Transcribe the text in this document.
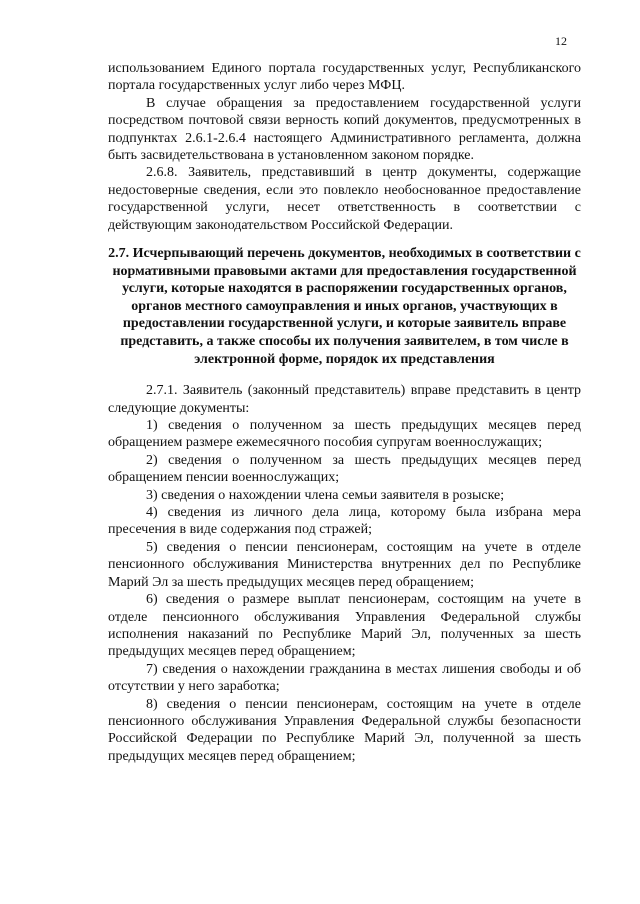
12

использованием Единого портала государственных услуг, Республиканского портала государственных услуг либо через МФЦ.

В случае обращения за предоставлением государственной услуги посредством почтовой связи верность копий документов, предусмотренных в подпунктах 2.6.1-2.6.4 настоящего Административного регламента, должна быть засвидетельствована в установленном законом порядке.

2.6.8. Заявитель, представивший в центр документы, содержащие недостоверные сведения, если это повлекло необоснованное предоставление государственной услуги, несет ответственность в соответствии с действующим законодательством Российской Федерации.

2.7. Исчерпывающий перечень документов, необходимых в соответствии с нормативными правовыми актами для предоставления государственной услуги, которые находятся в распоряжении государственных органов, органов местного самоуправления и иных органов, участвующих в предоставлении государственной услуги, и которые заявитель вправе представить, а также способы их получения заявителем, в том числе в электронной форме, порядок их представления

2.7.1. Заявитель (законный представитель) вправе представить в центр следующие документы:

1) сведения о полученном за шесть предыдущих месяцев перед обращением размере ежемесячного пособия супругам военнослужащих;

2) сведения о полученном за шесть предыдущих месяцев перед обращением пенсии военнослужащих;

3) сведения о нахождении члена семьи заявителя в розыске;

4) сведения из личного дела лица, которому была избрана мера пресечения в виде содержания под стражей;

5) сведения о пенсии пенсионерам, состоящим на учете в отделе пенсионного обслуживания Министерства внутренних дел по Республике Марий Эл за шесть предыдущих месяцев перед обращением;

6) сведения о размере выплат пенсионерам, состоящим на учете в отделе пенсионного обслуживания Управления Федеральной службы исполнения наказаний по Республике Марий Эл, полученных за шесть предыдущих месяцев перед обращением;

7) сведения о нахождении гражданина в местах лишения свободы и об отсутствии у него заработка;

8) сведения о пенсии пенсионерам, состоящим на учете в отделе пенсионного обслуживания Управления Федеральной службы безопасности Российской Федерации по Республике Марий Эл, полученной за шесть предыдущих месяцев перед обращением;
